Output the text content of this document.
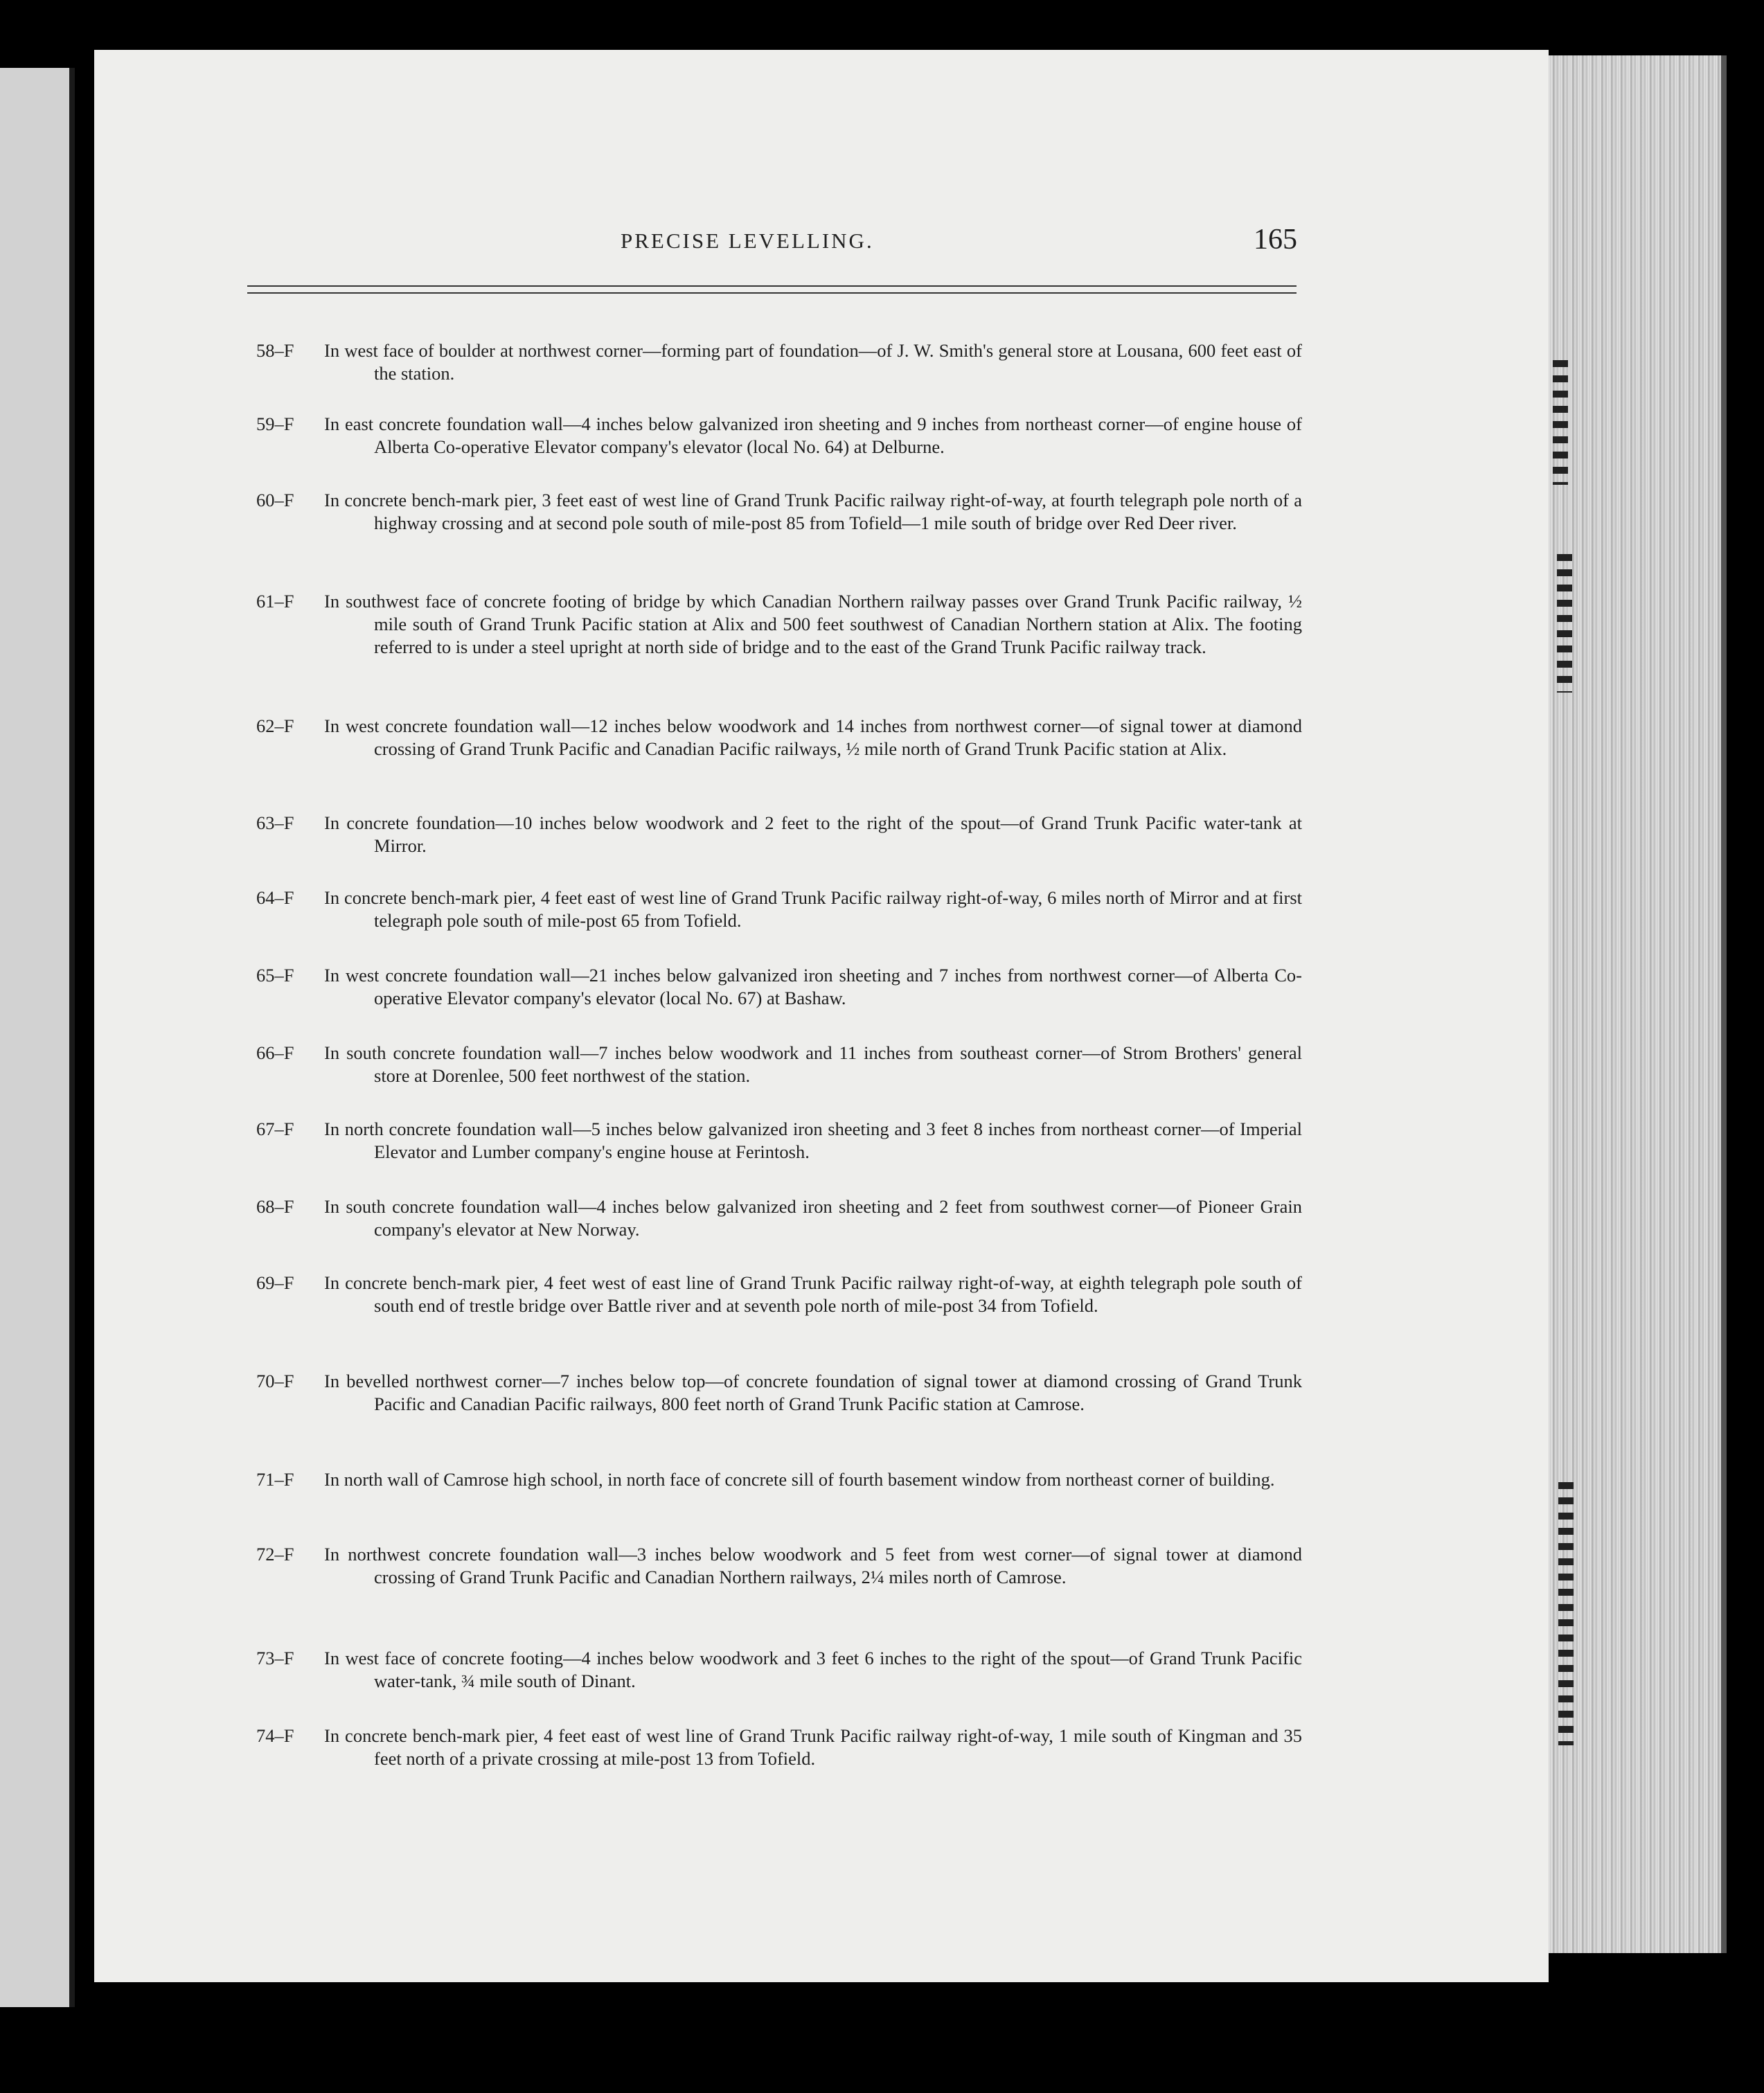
PRECISE LEVELLING.	165
58–F	In west face of boulder at northwest corner—forming part of foundation—of J. W. Smith's general store at Lousana, 600 feet east of the station.
59–F	In east concrete foundation wall—4 inches below galvanized iron sheeting and 9 inches from northeast corner—of engine house of Alberta Co-operative Elevator company's elevator (local No. 64) at Delburne.
60–F	In concrete bench-mark pier, 3 feet east of west line of Grand Trunk Pacific railway right-of-way, at fourth telegraph pole north of a highway crossing and at second pole south of mile-post 85 from Tofield—1 mile south of bridge over Red Deer river.
61–F	In southwest face of concrete footing of bridge by which Canadian Northern railway passes over Grand Trunk Pacific railway, ½ mile south of Grand Trunk Pacific station at Alix and 500 feet southwest of Canadian Northern station at Alix. The footing referred to is under a steel upright at north side of bridge and to the east of the Grand Trunk Pacific railway track.
62–F	In west concrete foundation wall—12 inches below woodwork and 14 inches from northwest corner—of signal tower at diamond crossing of Grand Trunk Pacific and Canadian Pacific railways, ½ mile north of Grand Trunk Pacific station at Alix.
63–F	In concrete foundation—10 inches below woodwork and 2 feet to the right of the spout—of Grand Trunk Pacific water-tank at Mirror.
64–F	In concrete bench-mark pier, 4 feet east of west line of Grand Trunk Pacific railway right-of-way, 6 miles north of Mirror and at first telegraph pole south of mile-post 65 from Tofield.
65–F	In west concrete foundation wall—21 inches below galvanized iron sheeting and 7 inches from northwest corner—of Alberta Co-operative Elevator company's elevator (local No. 67) at Bashaw.
66–F	In south concrete foundation wall—7 inches below woodwork and 11 inches from southeast corner—of Strom Brothers' general store at Dorenlee, 500 feet northwest of the station.
67–F	In north concrete foundation wall—5 inches below galvanized iron sheeting and 3 feet 8 inches from northeast corner—of Imperial Elevator and Lumber company's engine house at Ferintosh.
68–F	In south concrete foundation wall—4 inches below galvanized iron sheeting and 2 feet from southwest corner—of Pioneer Grain company's elevator at New Norway.
69–F	In concrete bench-mark pier, 4 feet west of east line of Grand Trunk Pacific railway right-of-way, at eighth telegraph pole south of south end of trestle bridge over Battle river and at seventh pole north of mile-post 34 from Tofield.
70–F	In bevelled northwest corner—7 inches below top—of concrete foundation of signal tower at diamond crossing of Grand Trunk Pacific and Canadian Pacific railways, 800 feet north of Grand Trunk Pacific station at Camrose.
71–F	In north wall of Camrose high school, in north face of concrete sill of fourth basement window from northeast corner of building.
72–F	In northwest concrete foundation wall—3 inches below woodwork and 5 feet from west corner—of signal tower at diamond crossing of Grand Trunk Pacific and Canadian Northern railways, 2¼ miles north of Camrose.
73–F	In west face of concrete footing—4 inches below woodwork and 3 feet 6 inches to the right of the spout—of Grand Trunk Pacific water-tank, ¾ mile south of Dinant.
74–F	In concrete bench-mark pier, 4 feet east of west line of Grand Trunk Pacific railway right-of-way, 1 mile south of Kingman and 35 feet north of a private crossing at mile-post 13 from Tofield.
